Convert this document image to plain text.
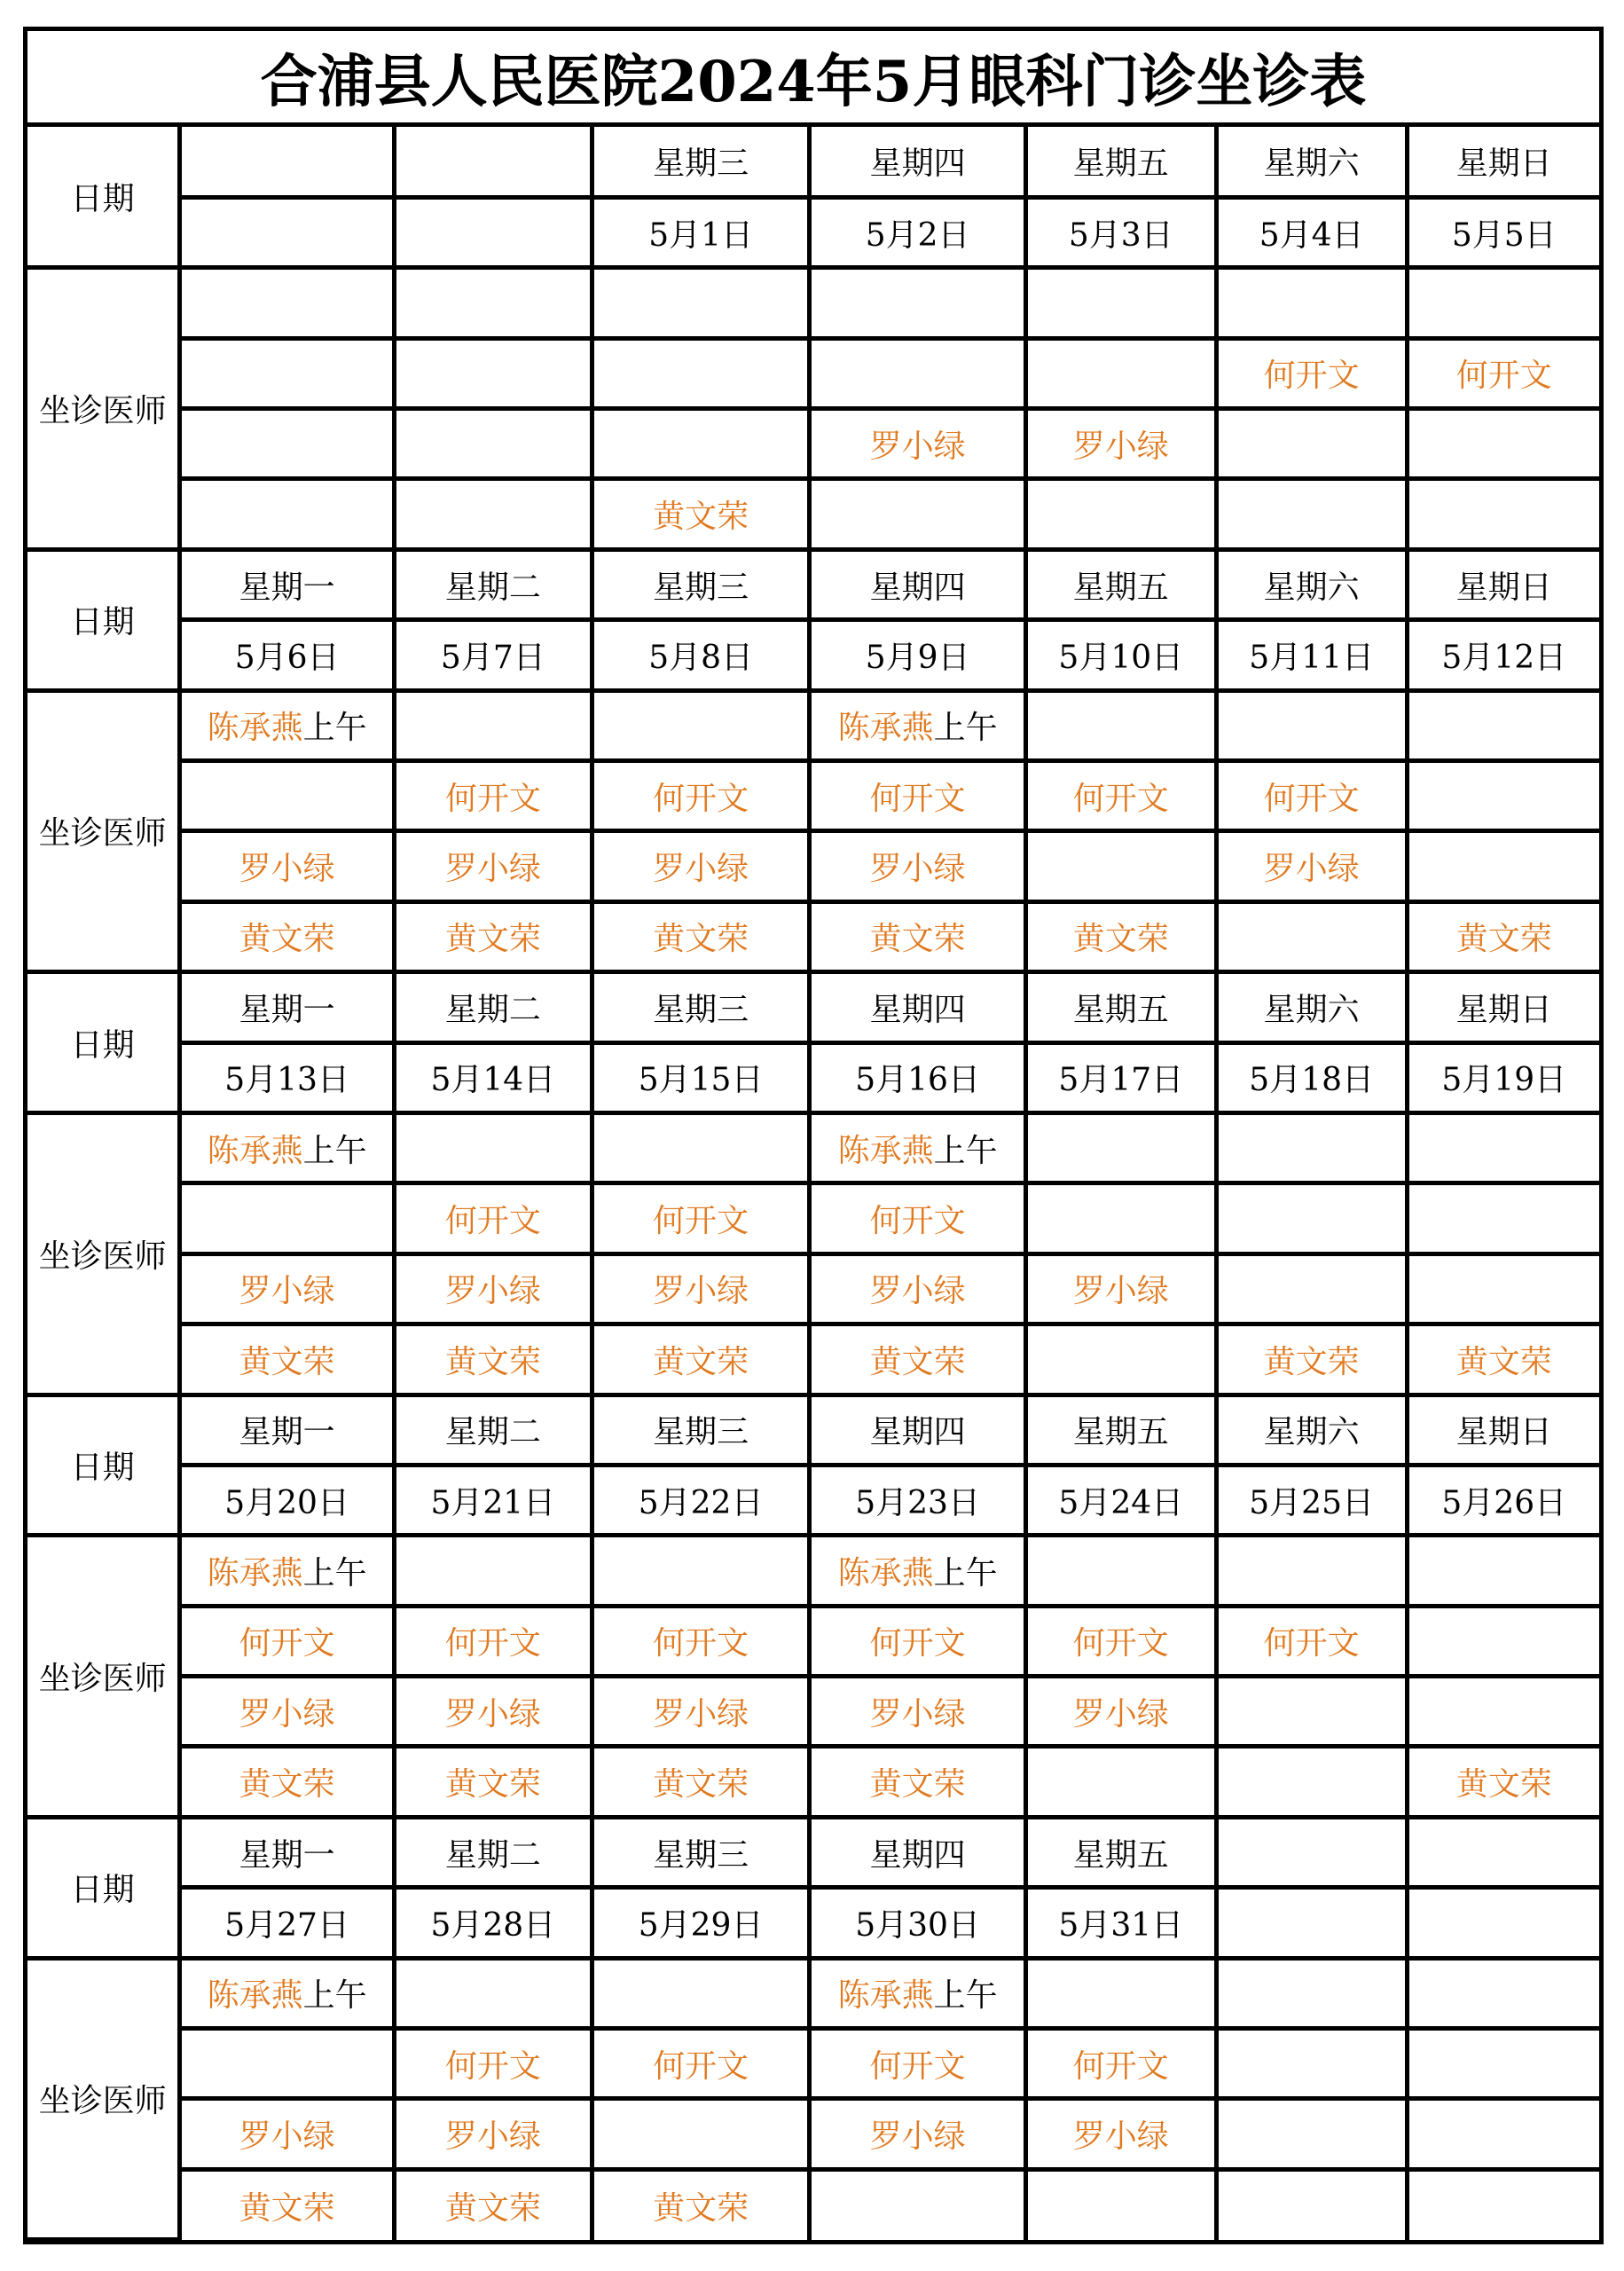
合浦县人民医院2024年5月眼科门诊坐诊表
日期			星期三	星期四	星期五	星期六	星期日
			5月1日	5月2日	5月3日	5月4日	5月5日
坐诊医师							
						何开文	何开文
				罗小绿	罗小绿		
			黄文荣				
日期	星期一	星期二	星期三	星期四	星期五	星期六	星期日
	5月6日	5月7日	5月8日	5月9日	5月10日	5月11日	5月12日
坐诊医师	陈承燕上午			陈承燕上午			
		何开文	何开文	何开文	何开文	何开文	
	罗小绿	罗小绿	罗小绿	罗小绿		罗小绿	
	黄文荣	黄文荣	黄文荣	黄文荣	黄文荣		黄文荣
日期	星期一	星期二	星期三	星期四	星期五	星期六	星期日
	5月13日	5月14日	5月15日	5月16日	5月17日	5月18日	5月19日
坐诊医师	陈承燕上午			陈承燕上午			
		何开文	何开文	何开文			
	罗小绿	罗小绿	罗小绿	罗小绿	罗小绿		
	黄文荣	黄文荣	黄文荣	黄文荣		黄文荣	黄文荣
日期	星期一	星期二	星期三	星期四	星期五	星期六	星期日
	5月20日	5月21日	5月22日	5月23日	5月24日	5月25日	5月26日
坐诊医师	陈承燕上午			陈承燕上午			
	何开文	何开文	何开文	何开文	何开文	何开文	
	罗小绿	罗小绿	罗小绿	罗小绿	罗小绿		
	黄文荣	黄文荣	黄文荣	黄文荣			黄文荣
日期	星期一	星期二	星期三	星期四	星期五		
	5月27日	5月28日	5月29日	5月30日	5月31日		
坐诊医师	陈承燕上午			陈承燕上午			
		何开文	何开文	何开文	何开文		
	罗小绿	罗小绿		罗小绿	罗小绿		
	黄文荣	黄文荣	黄文荣				
